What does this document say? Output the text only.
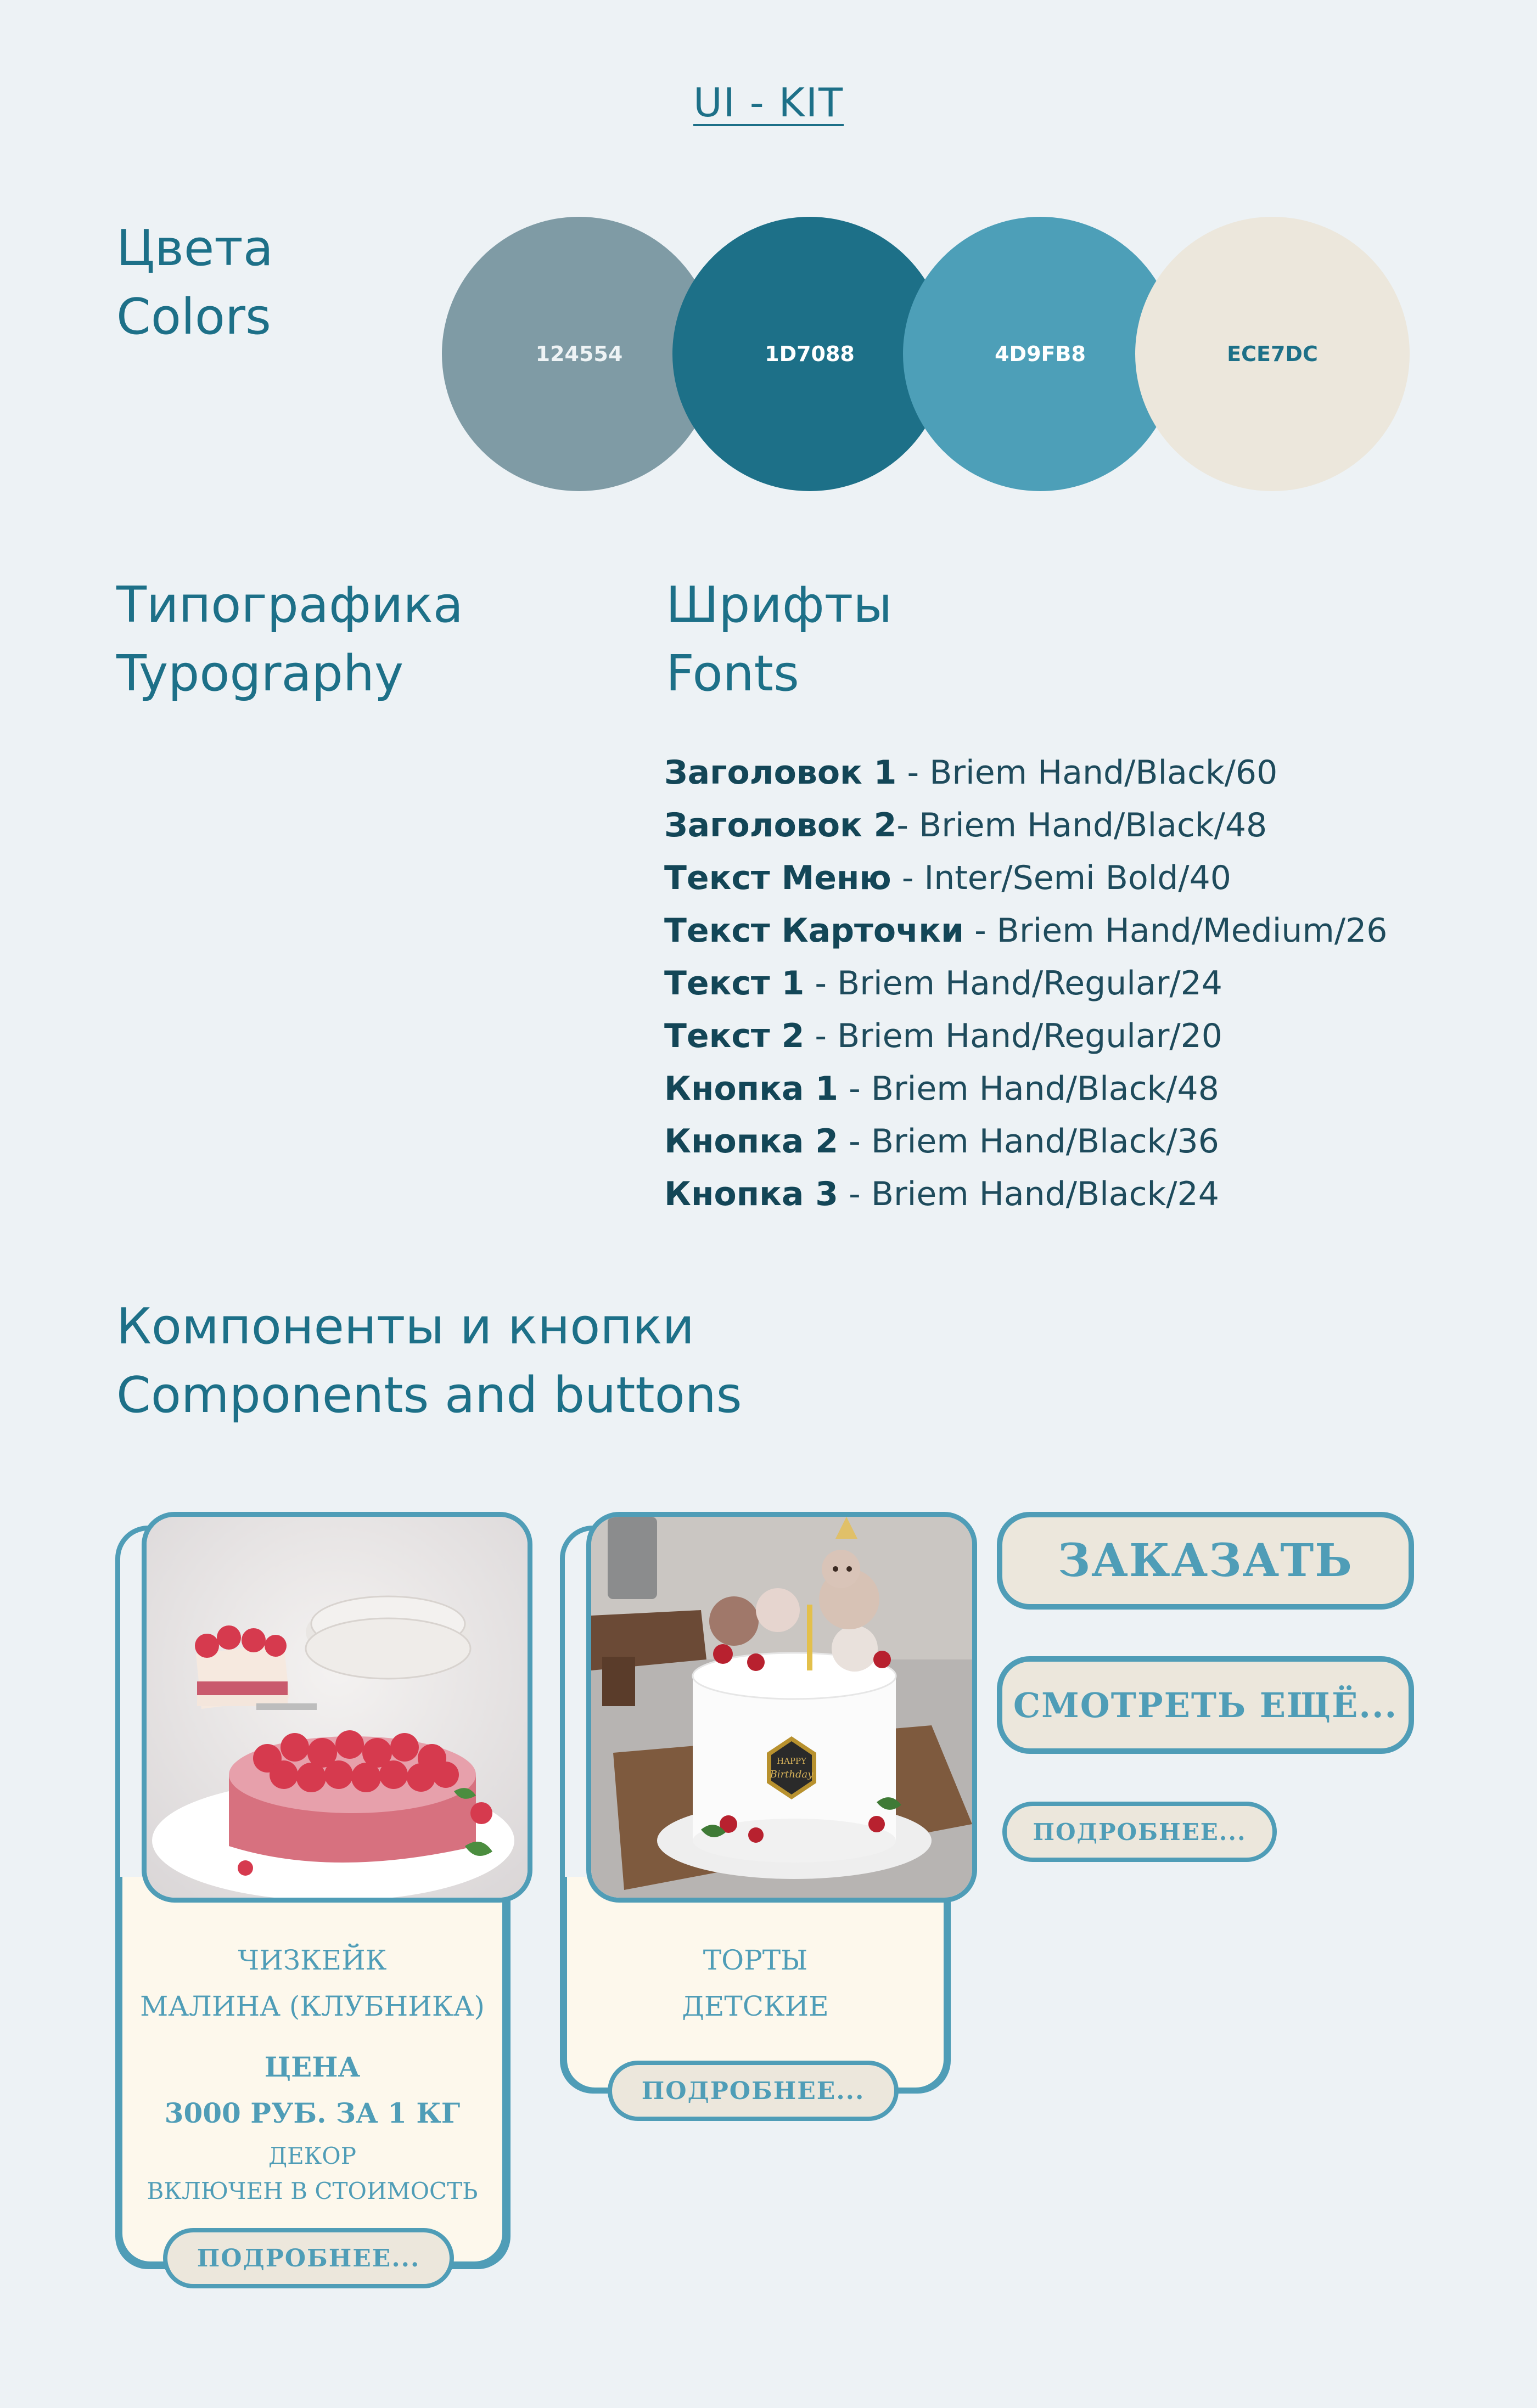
UI - KIT
Цвета
Colors
124554	1D7088	4D9FB8	ECE7DC
Типографика
Typography
Шрифты
Fonts
Заголовок 1 - Briem Hand/Black/60
Заголовок 2- Briem Hand/Black/48
Текст Меню - Inter/Semi Bold/40
Текст Карточки - Briem Hand/Medium/26
Текст 1 - Briem Hand/Regular/24
Текст 2 - Briem Hand/Regular/20
Кнопка 1 - Briem Hand/Black/48
Кнопка 2 - Briem Hand/Black/36
Кнопка 3 - Briem Hand/Black/24
Компоненты и кнопки
Components and buttons
ЧИЗКЕЙК
МАЛИНА (КЛУБНИКА)
ЦЕНА
3000 РУБ. ЗА 1 КГ
ДЕКОР
ВКЛЮЧЕН В СТОИМОСТЬ
ПОДРОБНЕЕ...
ТОРТЫ
ДЕТСКИЕ
HAPPY
Birthday
ПОДРОБНЕЕ...
ЗАКАЗАТЬ
СМОТРЕТЬ ЕЩЁ...
ПОДРОБНЕЕ...
